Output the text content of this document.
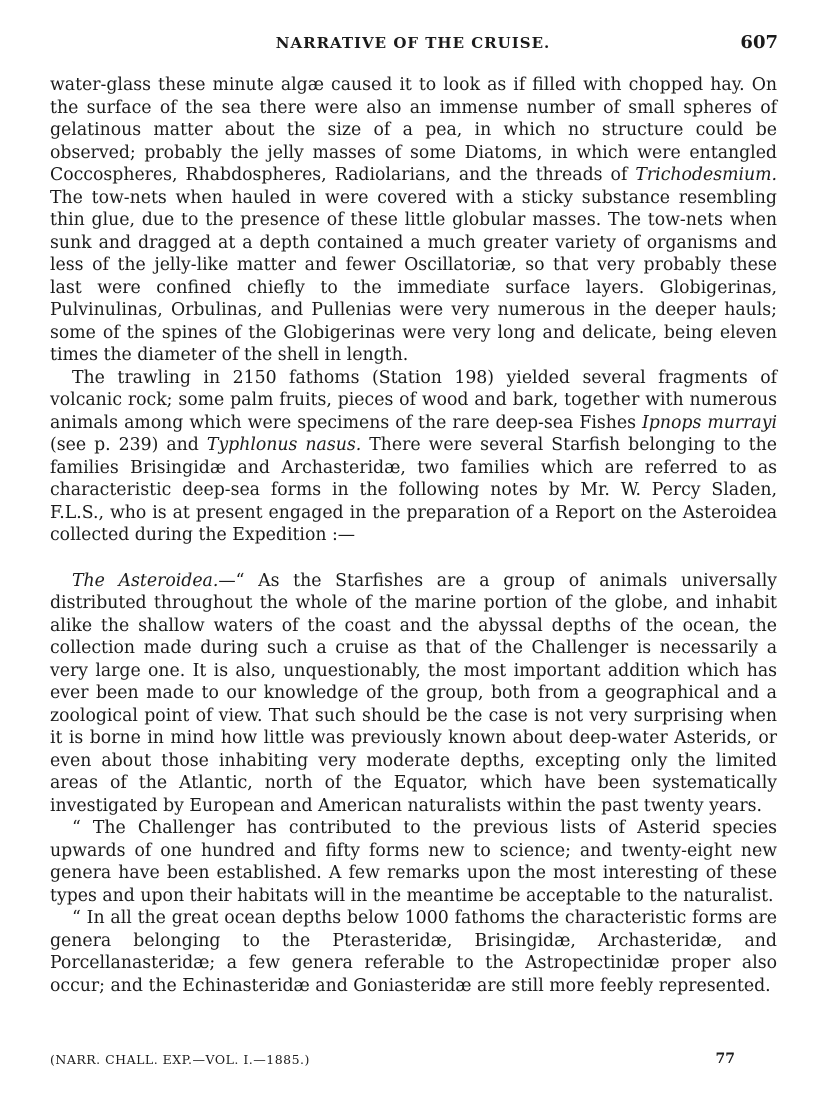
NARRATIVE OF THE CRUISE.	607

water-glass these minute algæ caused it to look as if filled with chopped hay. On the surface of the sea there were also an immense number of small spheres of gelatinous matter about the size of a pea, in which no structure could be observed; probably the jelly masses of some Diatoms, in which were entangled Coccospheres, Rhabdospheres, Radiolarians, and the threads of Trichodesmium. The tow-nets when hauled in were covered with a sticky substance resembling thin glue, due to the presence of these little globular masses. The tow-nets when sunk and dragged at a depth contained a much greater variety of organisms and less of the jelly-like matter and fewer Oscillatoriæ, so that very probably these last were confined chiefly to the immediate surface layers. Globigerinas, Pulvinulinas, Orbulinas, and Pullenias were very numerous in the deeper hauls; some of the spines of the Globigerinas were very long and delicate, being eleven times the diameter of the shell in length.

The trawling in 2150 fathoms (Station 198) yielded several fragments of volcanic rock; some palm fruits, pieces of wood and bark, together with numerous animals among which were specimens of the rare deep-sea Fishes Ipnops murrayi (see p. 239) and Typhlonus nasus. There were several Starfish belonging to the families Brisingidæ and Archasteridæ, two families which are referred to as characteristic deep-sea forms in the following notes by Mr. W. Percy Sladen, F.L.S., who is at present engaged in the preparation of a Report on the Asteroidea collected during the Expedition :—

The Asteroidea.—“ As the Starfishes are a group of animals universally distributed throughout the whole of the marine portion of the globe, and inhabit alike the shallow waters of the coast and the abyssal depths of the ocean, the collection made during such a cruise as that of the Challenger is necessarily a very large one. It is also, unquestionably, the most important addition which has ever been made to our knowledge of the group, both from a geographical and a zoological point of view. That such should be the case is not very surprising when it is borne in mind how little was previously known about deep-water Asterids, or even about those inhabiting very moderate depths, excepting only the limited areas of the Atlantic, north of the Equator, which have been systematically investigated by European and American naturalists within the past twenty years.

“ The Challenger has contributed to the previous lists of Asterid species upwards of one hundred and fifty forms new to science; and twenty-eight new genera have been established. A few remarks upon the most interesting of these types and upon their habitats will in the meantime be acceptable to the naturalist.

“ In all the great ocean depths below 1000 fathoms the characteristic forms are genera belonging to the Pterasteridæ, Brisingidæ, Archasteridæ, and Porcellanasteridæ; a few genera referable to the Astropectinidæ proper also occur; and the Echinasteridæ and Goniasteridæ are still more feebly represented.

(NARR. CHALL. EXP.—VOL. I.—1885.)	77
